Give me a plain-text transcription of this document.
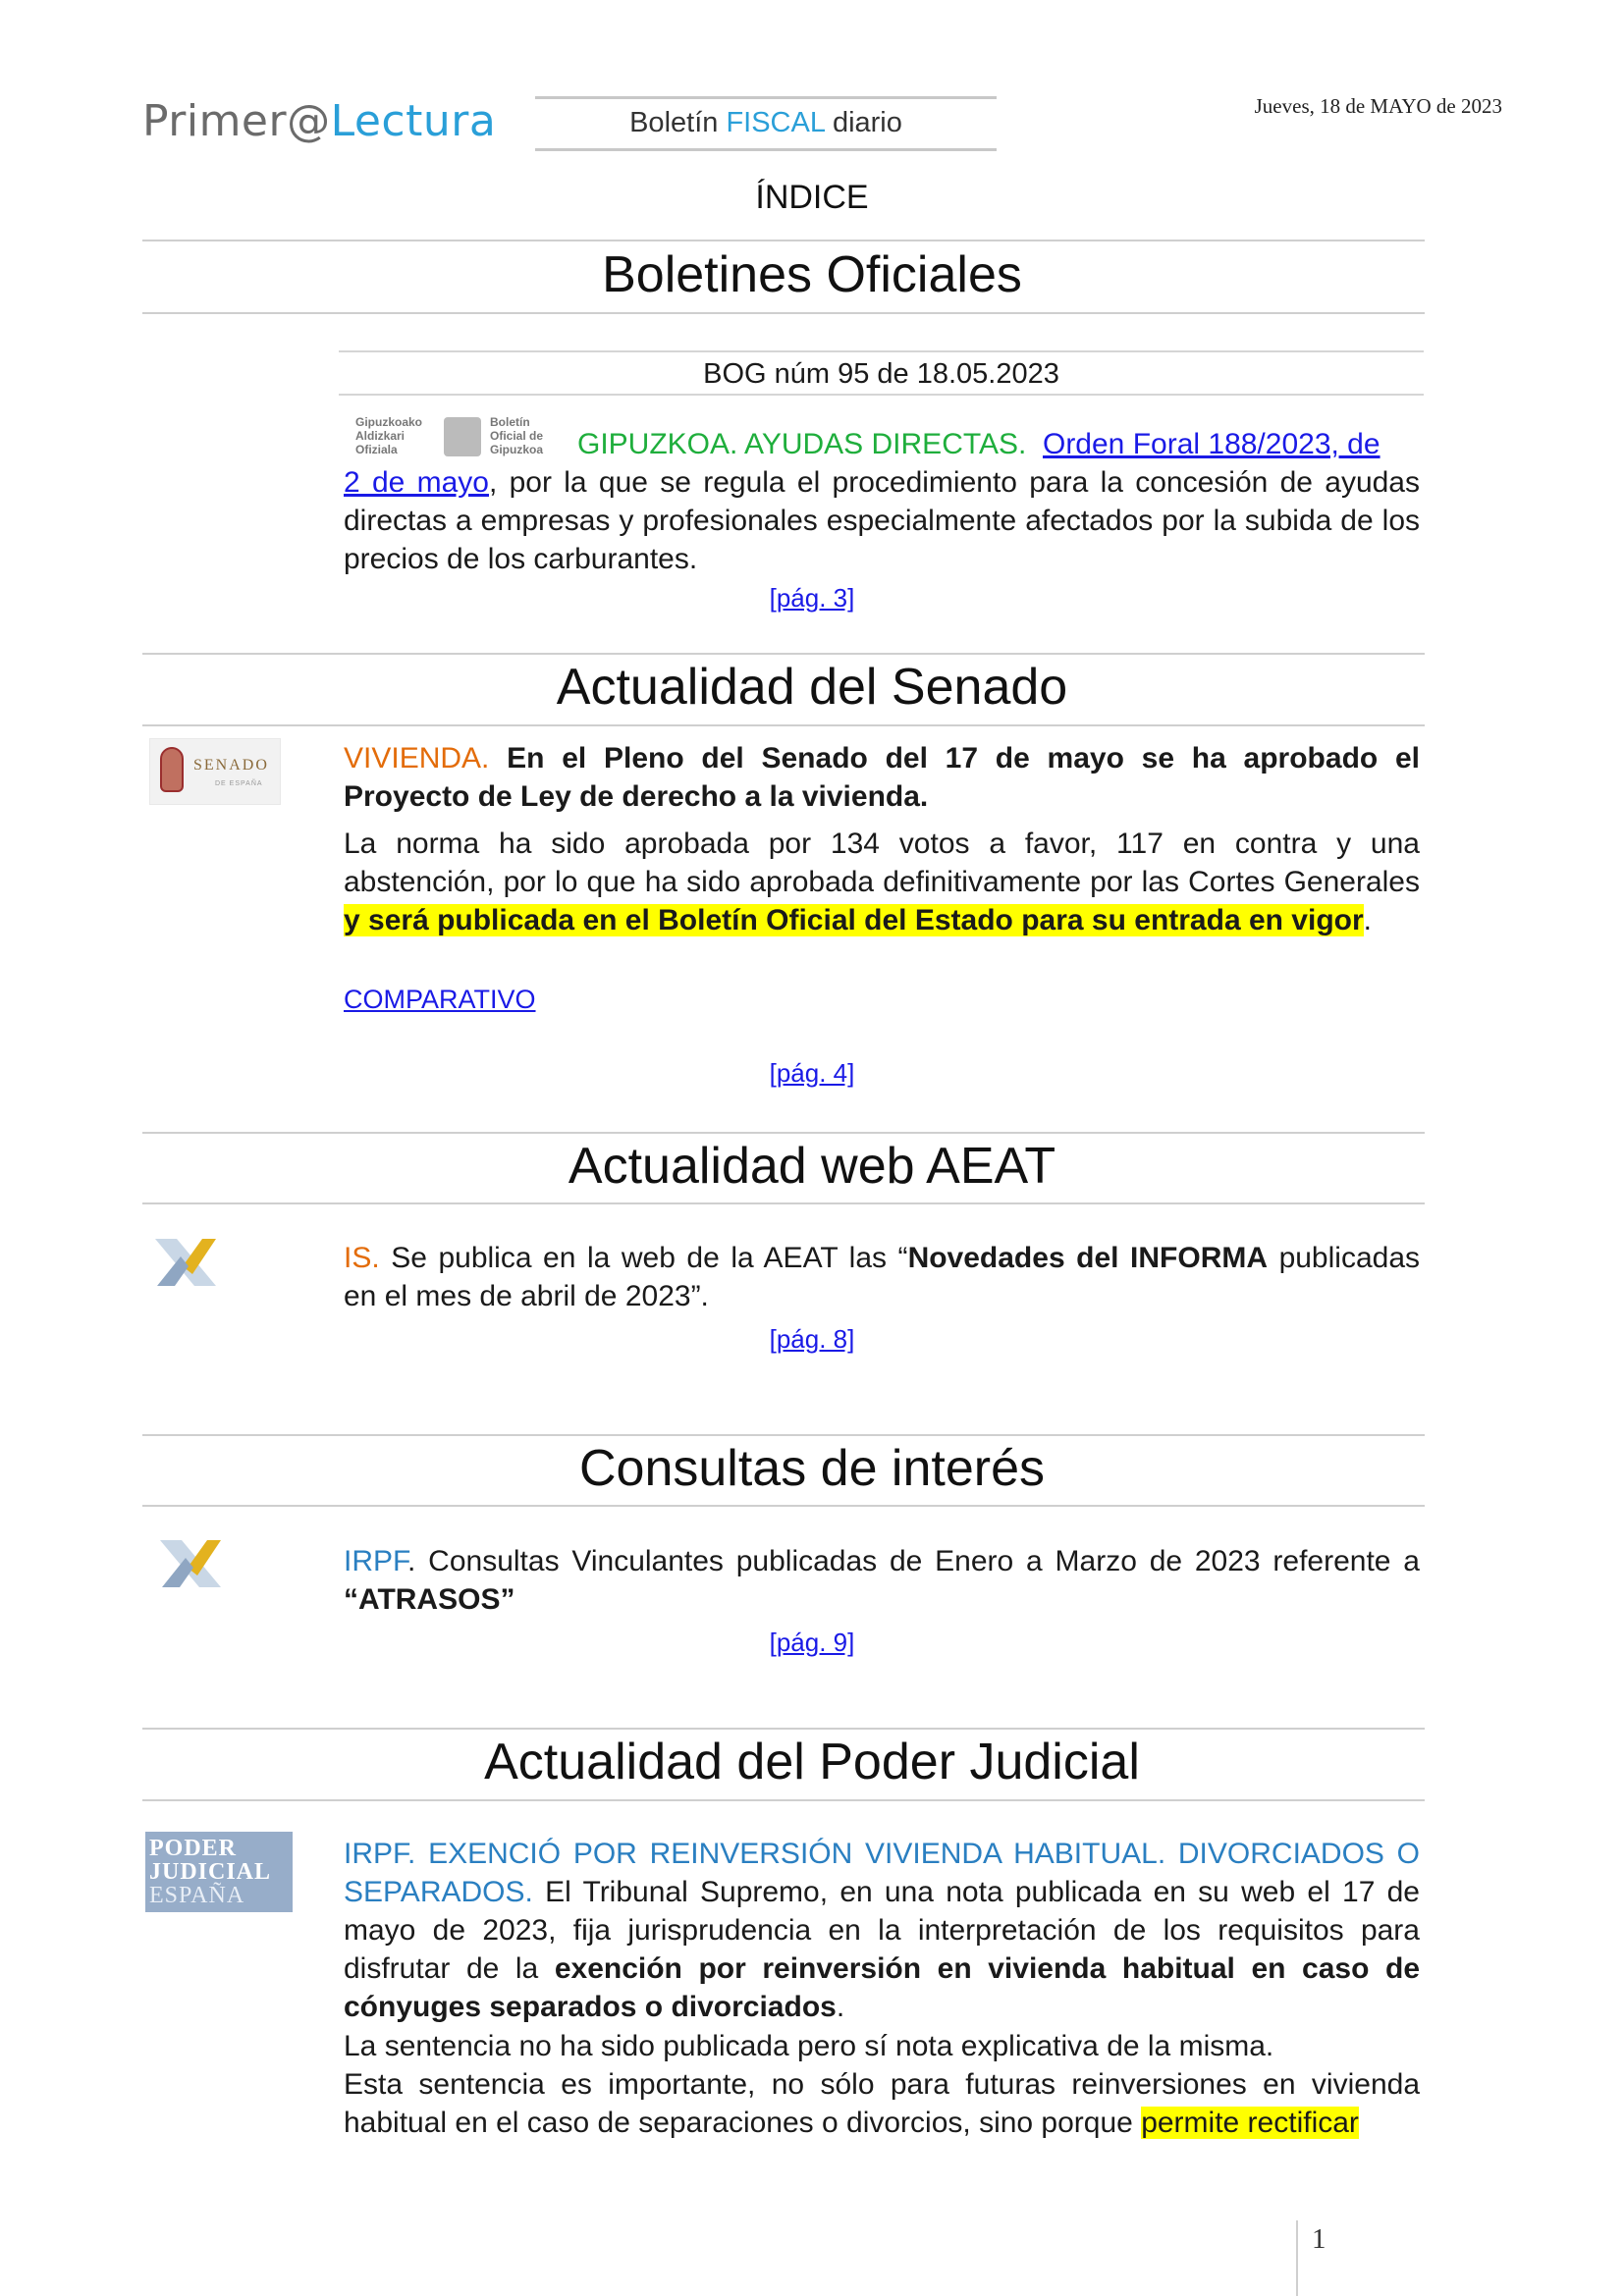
Primer@Lectura	Boletín FISCAL diario
Jueves, 18 de MAYO de 2023
ÍNDICE
Boletines Oficiales
BOG núm 95 de 18.05.2023
Gipuzkoako Aldizkari Ofiziala
Boletín Oficial de Gipuzkoa	GIPUZKOA. AYUDAS DIRECTAS. Orden Foral 188/2023, de
2 de mayo, por la que se regula el procedimiento para la concesión de ayudas directas a empresas y profesionales especialmente afectados por la subida de los precios de los carburantes.
[pág. 3]
Actualidad del Senado
SENADO
DE ESPAÑA
VIVIENDA. En el Pleno del Senado del 17 de mayo se ha aprobado el Proyecto de Ley de derecho a la vivienda.
La norma ha sido aprobada por 134 votos a favor, 117 en contra y una abstención, por lo que ha sido aprobada definitivamente por las Cortes Generales y será publicada en el Boletín Oficial del Estado para su entrada en vigor.
COMPARATIVO
[pág. 4]
Actualidad web AEAT
IS. Se publica en la web de la AEAT las “Novedades del INFORMA publicadas en el mes de abril de 2023”.
[pág. 8]
Consultas de interés
IRPF. Consultas Vinculantes publicadas de Enero a Marzo de 2023 referente a “ATRASOS”
[pág. 9]
Actualidad del Poder Judicial
PODER
JUDICIAL
ESPAÑA
IRPF. EXENCIÓ POR REINVERSIÓN VIVIENDA HABITUAL. DIVORCIADOS O SEPARADOS. El Tribunal Supremo, en una nota publicada en su web el 17 de mayo de 2023, fija jurisprudencia en la interpretación de los requisitos para disfrutar de la exención por reinversión en vivienda habitual en caso de cónyuges separados o divorciados.
La sentencia no ha sido publicada pero sí nota explicativa de la misma.
Esta sentencia es importante, no sólo para futuras reinversiones en vivienda habitual en el caso de separaciones o divorcios, sino porque permite rectificar
1
